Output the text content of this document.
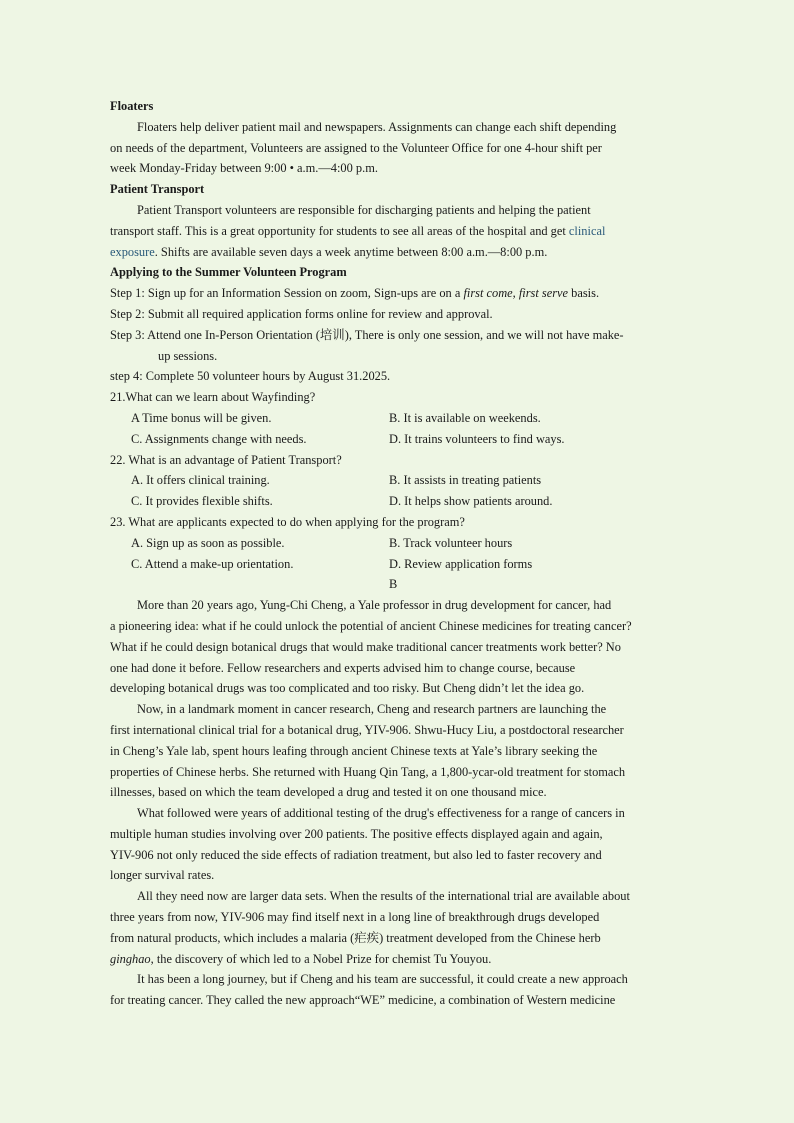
Floaters
Floaters help deliver patient mail and newspapers. Assignments can change each shift depending
on needs of the department, Volunteers are assigned to the Volunteer Office for one 4-hour shift per
week Monday-Friday between 9:00 • a.m.—4:00 p.m.
Patient Transport
Patient Transport volunteers are responsible for discharging patients and helping the patient
transport staff. This is a great opportunity for students to see all areas of the hospital and get clinical
exposure. Shifts are available seven days a week anytime between 8:00 a.m.—8:00 p.m.
Applying to the Summer Volunteen Program
Step 1: Sign up for an Information Session on zoom, Sign-ups are on a first come, first serve basis.
Step 2: Submit all required application forms online for review and approval.
Step 3: Attend one In-Person Orientation (培训), There is only one session, and we will not have make-
up sessions.
step 4: Complete 50 volunteer hours by August 31.2025.
21.What can we learn about Wayfinding?
A Time bonus will be given.	B. It is available on weekends.
C. Assignments change with needs.	D. It trains volunteers to find ways.
22. What is an advantage of Patient Transport?
A. It offers clinical training.	B. It assists in treating patients
C. It provides flexible shifts.	D. It helps show patients around.
23. What are applicants expected to do when applying for the program?
A. Sign up as soon as possible.	B. Track volunteer hours
C. Attend a make-up orientation.	D. Review application forms
B
More than 20 years ago, Yung-Chi Cheng, a Yale professor in drug development for cancer, had
a pioneering idea: what if he could unlock the potential of ancient Chinese medicines for treating cancer?
What if he could design botanical drugs that would make traditional cancer treatments work better? No
one had done it before. Fellow researchers and experts advised him to change course, because
developing botanical drugs was too complicated and too risky. But Cheng didn’t let the idea go.
Now, in a landmark moment in cancer research, Cheng and research partners are launching the
first international clinical trial for a botanical drug, YIV-906. Shwu-Hucy Liu, a postdoctoral researcher
in Cheng’s Yale lab, spent hours leafing through ancient Chinese texts at Yale’s library seeking the
properties of Chinese herbs. She returned with Huang Qin Tang, a 1,800-ycar-old treatment for stomach
illnesses, based on which the team developed a drug and tested it on one thousand mice.
What followed were years of additional testing of the drug's effectiveness for a range of cancers in
multiple human studies involving over 200 patients. The positive effects displayed again and again,
YIV-906 not only reduced the side effects of radiation treatment, but also led to faster recovery and
longer survival rates.
All they need now are larger data sets. When the results of the international trial are available about
three years from now, YIV-906 may find itself next in a long line of breakthrough drugs developed
from natural products, which includes a malaria (疟疾) treatment developed from the Chinese herb
ginghao, the discovery of which led to a Nobel Prize for chemist Tu Youyou.
It has been a long journey, but if Cheng and his team are successful, it could create a new approach
for treating cancer. They called the new approach“WE” medicine, a combination of Western medicine
